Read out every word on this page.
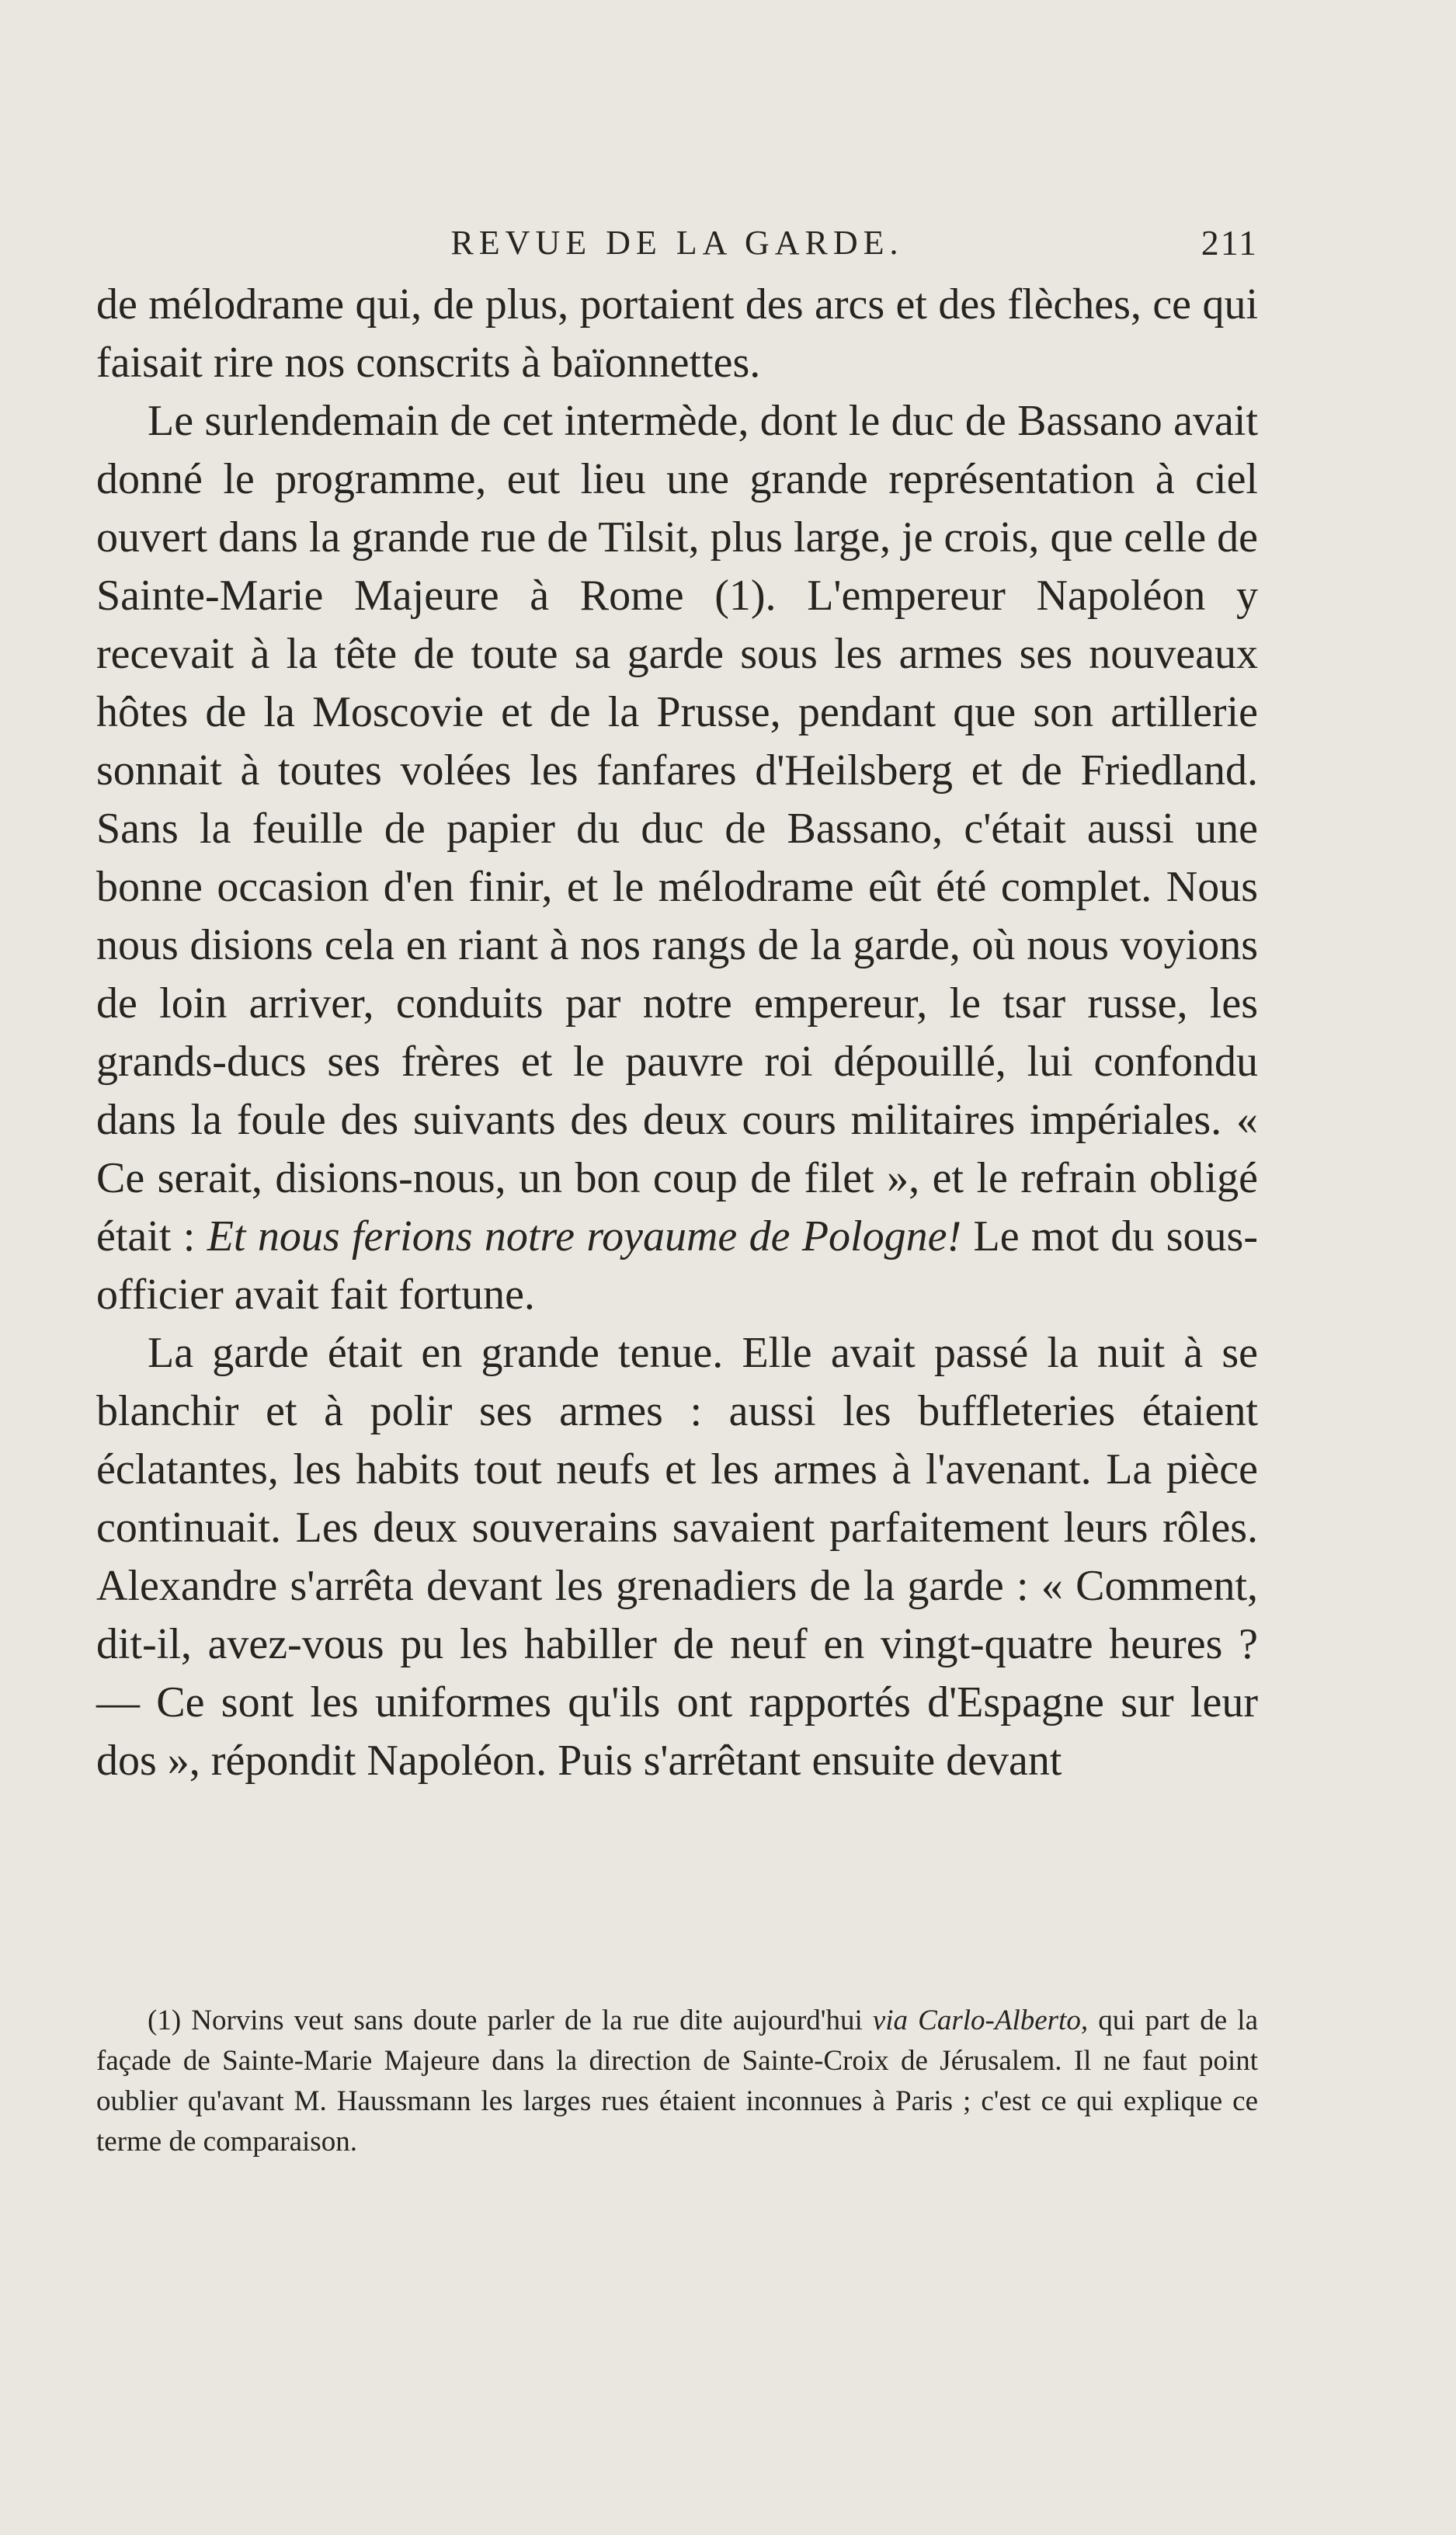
REVUE DE LA GARDE.	211

de mélodrame qui, de plus, portaient des arcs et des flèches, ce qui faisait rire nos conscrits à baïonnettes.

Le surlendemain de cet intermède, dont le duc de Bassano avait donné le programme, eut lieu une grande représentation à ciel ouvert dans la grande rue de Tilsit, plus large, je crois, que celle de Sainte-Marie Majeure à Rome (1). L'empereur Napoléon y recevait à la tête de toute sa garde sous les armes ses nouveaux hôtes de la Moscovie et de la Prusse, pendant que son artillerie sonnait à toutes volées les fanfares d'Heilsberg et de Friedland. Sans la feuille de papier du duc de Bassano, c'était aussi une bonne occasion d'en finir, et le mélodrame eût été complet. Nous nous disions cela en riant à nos rangs de la garde, où nous voyions de loin arriver, conduits par notre empereur, le tsar russe, les grands-ducs ses frères et le pauvre roi dépouillé, lui confondu dans la foule des suivants des deux cours militaires impériales. « Ce serait, disions-nous, un bon coup de filet », et le refrain obligé était : Et nous ferions notre royaume de Pologne! Le mot du sous-officier avait fait fortune.

La garde était en grande tenue. Elle avait passé la nuit à se blanchir et à polir ses armes : aussi les buffleteries étaient éclatantes, les habits tout neufs et les armes à l'avenant. La pièce continuait. Les deux souverains savaient parfaitement leurs rôles. Alexandre s'arrêta devant les grenadiers de la garde : « Comment, dit-il, avez-vous pu les habiller de neuf en vingt-quatre heures ? — Ce sont les uniformes qu'ils ont rapportés d'Espagne sur leur dos », répondit Napoléon. Puis s'arrêtant ensuite devant

(1) Norvins veut sans doute parler de la rue dite aujourd'hui via Carlo-Alberto, qui part de la façade de Sainte-Marie Majeure dans la direction de Sainte-Croix de Jérusalem. Il ne faut point oublier qu'avant M. Haussmann les larges rues étaient inconnues à Paris ; c'est ce qui explique ce terme de comparaison.
